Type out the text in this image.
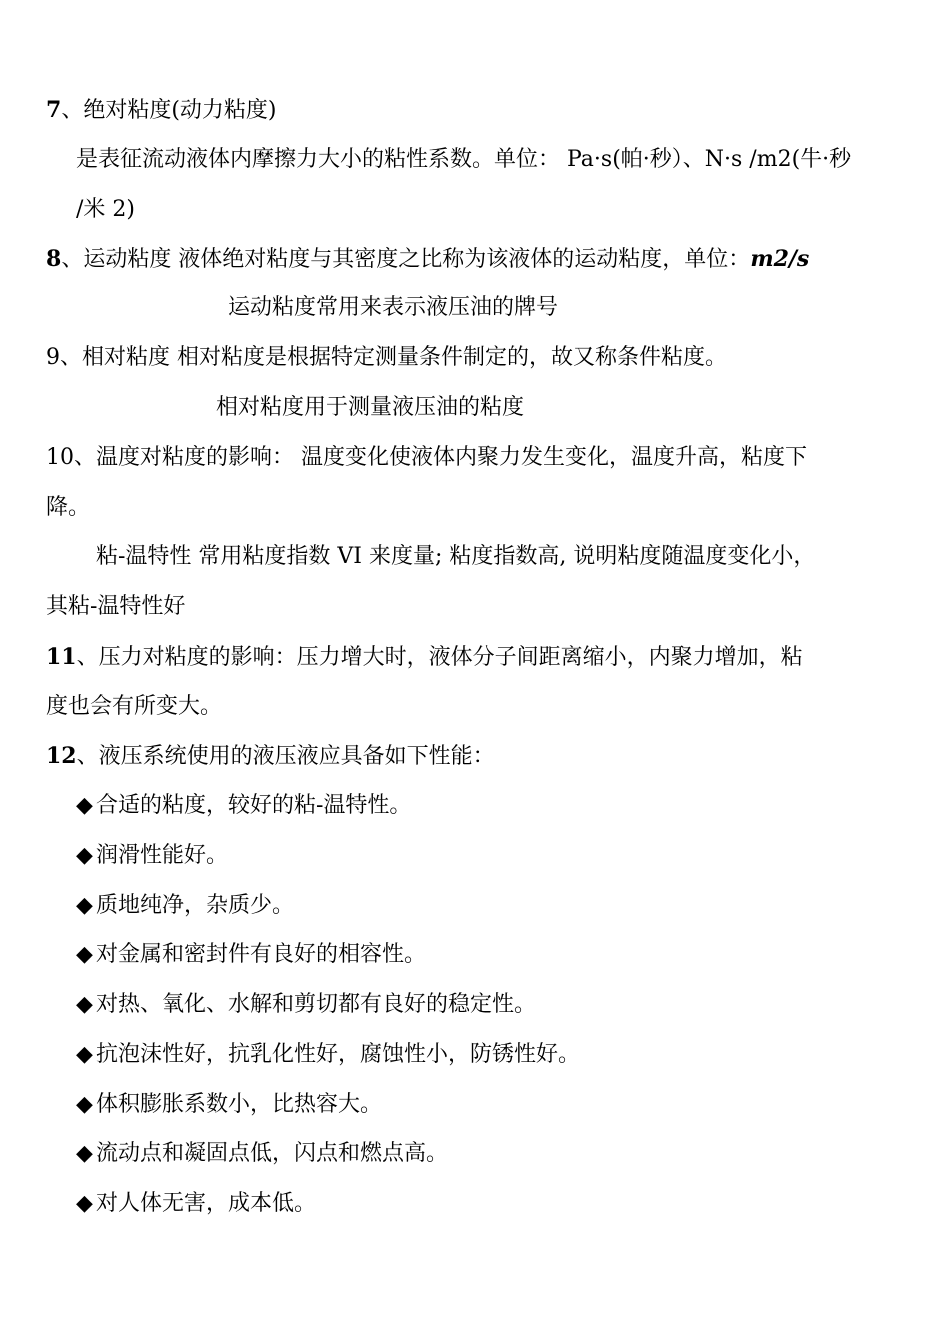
7、绝对粘度(动力粘度)
是表征流动液体内摩擦力大小的粘性系数。单位： Pa·s(帕·秒）、N·s /m2(牛·秒
/米 2)
8、运动粘度 液体绝对粘度与其密度之比称为该液体的运动粘度，单位：m2/s
运动粘度常用来表示液压油的牌号
9、相对粘度 相对粘度是根据特定测量条件制定的，故又称条件粘度。
相对粘度用于测量液压油的粘度
10、温度对粘度的影响： 温度变化使液体内聚力发生变化，温度升高，粘度下
降。
粘-温特性 常用粘度指数 VI 来度量; 粘度指数高, 说明粘度随温度变化小，
其粘-温特性好
11、压力对粘度的影响：压力增大时，液体分子间距离缩小，内聚力增加，粘
度也会有所变大。
12、液压系统使用的液压液应具备如下性能：
◆ 合适的粘度，较好的粘-温特性。
◆ 润滑性能好。
◆ 质地纯净，杂质少。
◆ 对金属和密封件有良好的相容性。
◆ 对热、氧化、水解和剪切都有良好的稳定性。
◆ 抗泡沫性好，抗乳化性好，腐蚀性小，防锈性好。
◆ 体积膨胀系数小，比热容大。
◆ 流动点和凝固点低，闪点和燃点高。
◆ 对人体无害，成本低。
